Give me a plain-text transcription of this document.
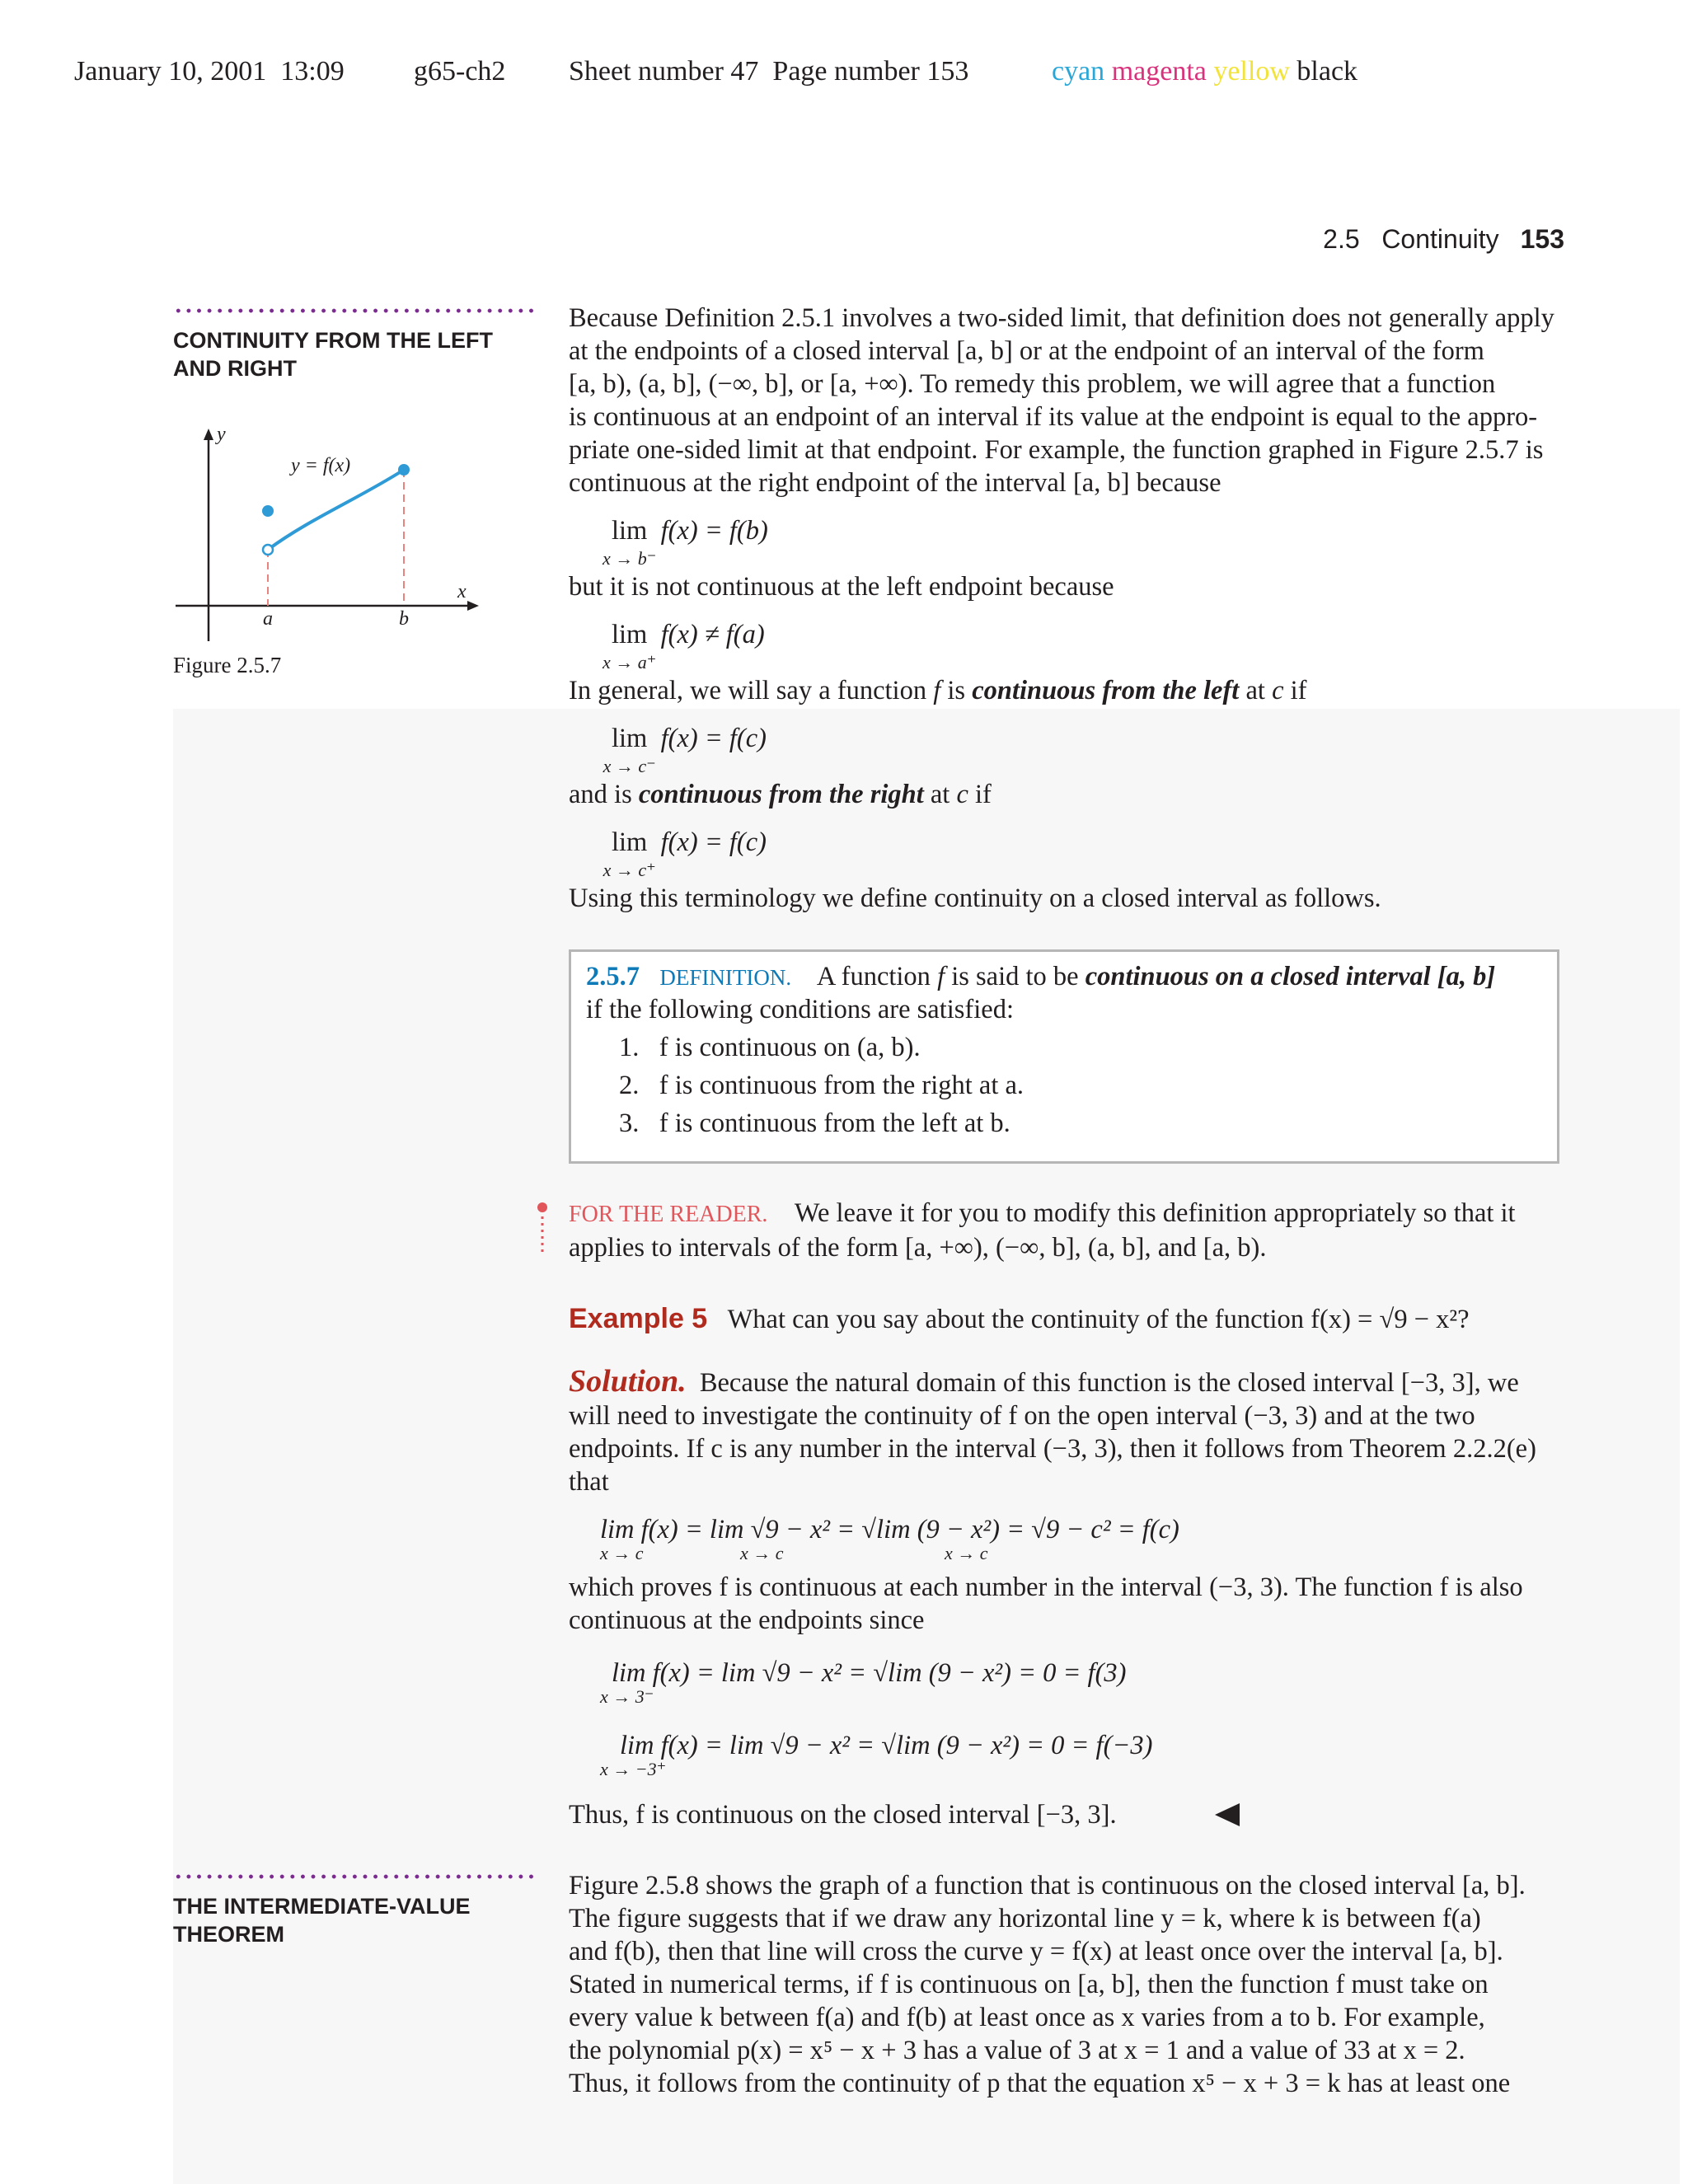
January 10, 2001 13:09 g65-ch2 Sheet number 47 Page number 153	cyan magenta yellow black
2.5 Continuity 153
CONTINUITY FROM THE LEFT
AND RIGHT
y
x
y = f(x)
a	b
Figure 2.5.7
Because Definition 2.5.1 involves a two-sided limit, that definition does not generally apply
at the endpoints of a closed interval [a, b] or at the endpoint of an interval of the form
[a, b), (a, b], (−∞, b], or [a, +∞). To remedy this problem, we will agree that a function
is continuous at an endpoint of an interval if its value at the endpoint is equal to the appro-
priate one-sided limit at that endpoint. For example, the function graphed in Figure 2.5.7 is
continuous at the right endpoint of the interval [a, b] because
lim
x → b⁻
f(x) = f(b)
but it is not continuous at the left endpoint because
lim
x → a⁺
f(x) ≠ f(a)
In general, we will say a function f is continuous from the left at c if
lim
x → c⁻
f(x) = f(c)
and is continuous from the right at c if
lim
x → c⁺
f(x) = f(c)
Using this terminology we define continuity on a closed interval as follows.
2.5.7 DEFINITION. A function f is said to be continuous on a closed interval [a, b]
if the following conditions are satisfied:
1. f is continuous on (a, b).
2. f is continuous from the right at a.
3. f is continuous from the left at b.
FOR THE READER. We leave it for you to modify this definition appropriately so that it
applies to intervals of the form [a, +∞), (−∞, b], (a, b], and [a, b).
Example 5 What can you say about the continuity of the function f(x) = √9 − x²?
Solution. Because the natural domain of this function is the closed interval [−3, 3], we
will need to investigate the continuity of f on the open interval (−3, 3) and at the two
endpoints. If c is any number in the interval (−3, 3), then it follows from Theorem 2.2.2(e)
that
lim f(x) = lim √9 − x² = √lim (9 − x²) = √9 − c² = f(c)
x → c	x → c	x → c
which proves f is continuous at each number in the interval (−3, 3). The function f is also
continuous at the endpoints since
lim f(x) = lim √9 − x² = √lim (9 − x²) = 0 = f(3)
x → 3⁻
lim f(x) = lim √9 − x² = √lim (9 − x²) = 0 = f(−3)
x → −3⁺
Thus, f is continuous on the closed interval [−3, 3].
THE INTERMEDIATE-VALUE
THEOREM
Figure 2.5.8 shows the graph of a function that is continuous on the closed interval [a, b].
The figure suggests that if we draw any horizontal line y = k, where k is between f(a)
and f(b), then that line will cross the curve y = f(x) at least once over the interval [a, b].
Stated in numerical terms, if f is continuous on [a, b], then the function f must take on
every value k between f(a) and f(b) at least once as x varies from a to b. For example,
the polynomial p(x) = x⁵ − x + 3 has a value of 3 at x = 1 and a value of 33 at x = 2.
Thus, it follows from the continuity of p that the equation x⁵ − x + 3 = k has at least one
